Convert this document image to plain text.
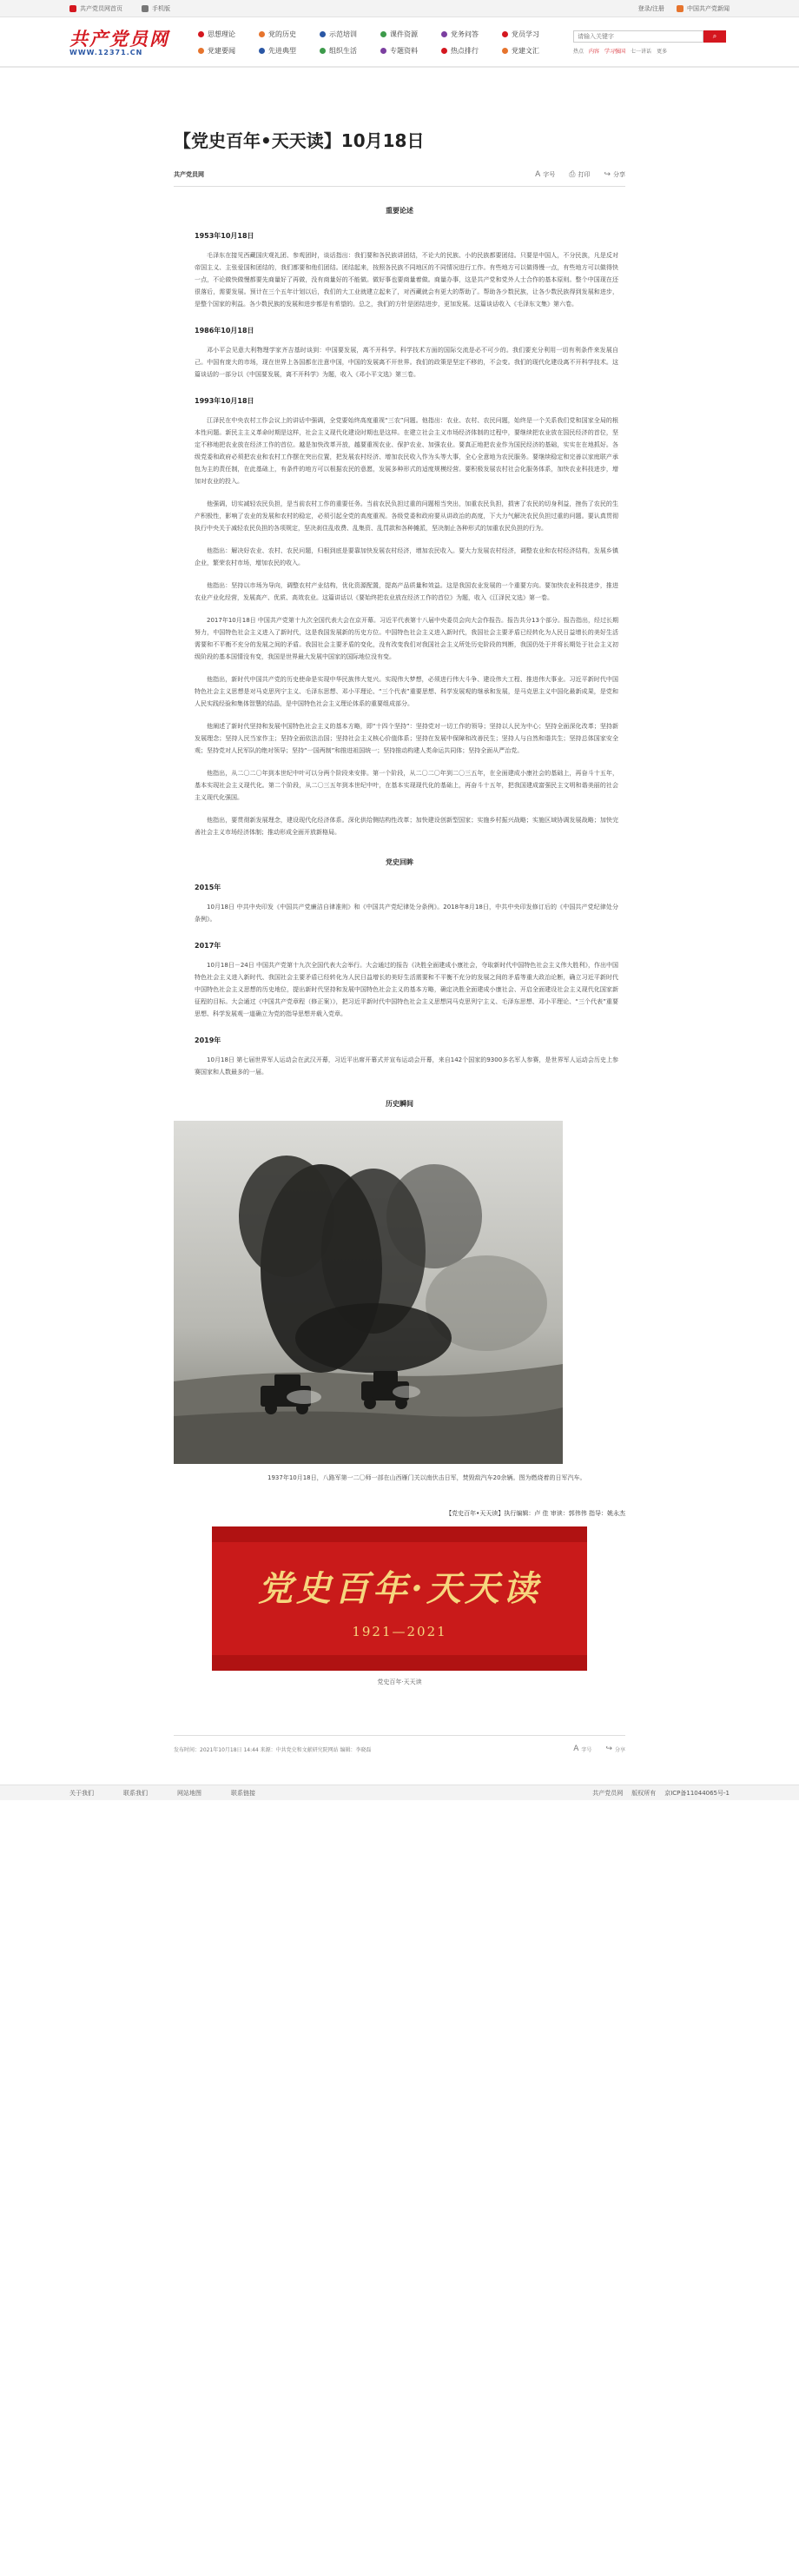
共产党员网首页	手机版	登录/注册	中国共产党新闻
共产党员网
WWW.12371.CN
思想理论	党的历史	示范培训	课件资源	党务问答	党员学习
党建要闻	先进典型	组织生活	专题资料	热点排行	党建文汇
请输入关键字
⌕
热点 内容 学习强国 七一讲话 更多
【党史百年•天天读】10月18日
共产党员网	A 字号 ⎙ 打印 ↪ 分享
重要论述
1953年10月18日

毛泽东在接见西藏国庆观礼团、参观团时，谈话指出：我们要和各民族讲团结，不论大的民族、小的民族都要团结。只要是中国人，不分民族，凡是反对帝国主义、主张爱国和团结的，我们都要和他们团结。团结起来，按照各民族不同地区的不同情况进行工作。有些地方可以做得慢一点，有些地方可以做得快一点，不论做快做慢都要先商量好了再做，没有商量好的不能做。做好事也要商量着做。商量办事，这是共产党和党外人士合作的基本原则。整个中国现在还很落后，需要发展。预计在三个五年计划以后，我们的大工业就建立起来了，对西藏就会有更大的帮助了。帮助各少数民族，让各少数民族得到发展和进步，是整个国家的利益。各少数民族的发展和进步都是有希望的。总之，我们的方针是团结进步，更加发展。这篇谈话收入《毛泽东文集》第六卷。

1986年10月18日

邓小平会见意大利物理学家齐吉基时谈到：中国要发展，离不开科学。科学技术方面的国际交流是必不可少的。我们要充分利用一切有利条件来发展自己。中国有庞大的市场，现在世界上各国都在注意中国，中国的发展离不开世界。我们的政策是坚定不移的，不会变。我们的现代化建设离不开科学技术。这篇谈话的一部分以《中国要发展，离不开科学》为题，收入《邓小平文选》第三卷。

1993年10月18日

江泽民在中央农村工作会议上的讲话中强调，全党要始终高度重视“三农”问题。他指出：农业、农村、农民问题，始终是一个关系我们党和国家全局的根本性问题。新民主主义革命时期是这样，社会主义现代化建设时期也是这样。在建立社会主义市场经济体制的过程中，要继续把农业放在国民经济的首位，坚定不移地把农业放在经济工作的首位。越是加快改革开放，越要重视农业、保护农业、加强农业。要真正地把农业作为国民经济的基础，实实在在地抓好。各级党委和政府必须把农业和农村工作摆在突出位置，把发展农村经济、增加农民收入作为头等大事，全心全意地为农民服务。要继续稳定和完善以家庭联产承包为主的责任制，在此基础上，有条件的地方可以根据农民的意愿，发展多种形式的适度规模经营。要积极发展农村社会化服务体系，加快农业科技进步，增加对农业的投入。

他强调，切实减轻农民负担，是当前农村工作的重要任务。当前农民负担过重的问题相当突出，加重农民负担，损害了农民的切身利益，挫伤了农民的生产积极性，影响了农业的发展和农村的稳定，必须引起全党的高度重视。各级党委和政府要从讲政治的高度，下大力气解决农民负担过重的问题。要认真贯彻执行中央关于减轻农民负担的各项规定，坚决刹住乱收费、乱集资、乱罚款和各种摊派，坚决制止各种形式的加重农民负担的行为。

他指出：解决好农业、农村、农民问题，归根到底是要靠加快发展农村经济，增加农民收入。要大力发展农村经济，调整农业和农村经济结构，发展乡镇企业，繁荣农村市场，增加农民的收入。

他指出：坚持以市场为导向，调整农村产业结构，优化资源配置，提高产品质量和效益。这是我国农业发展的一个重要方向。要加快农业科技进步，推进农业产业化经营，发展高产、优质、高效农业。这篇讲话以《要始终把农业放在经济工作的首位》为题，收入《江泽民文选》第一卷。

2017年10月18日 中国共产党第十九次全国代表大会在京开幕。习近平代表第十八届中央委员会向大会作报告。报告共分13个部分。报告指出，经过长期努力，中国特色社会主义进入了新时代，这是我国发展新的历史方位。中国特色社会主义进入新时代，我国社会主要矛盾已经转化为人民日益增长的美好生活需要和不平衡不充分的发展之间的矛盾。我国社会主要矛盾的变化，没有改变我们对我国社会主义所处历史阶段的判断，我国仍处于并将长期处于社会主义初级阶段的基本国情没有变，我国是世界最大发展中国家的国际地位没有变。

他指出，新时代中国共产党的历史使命是实现中华民族伟大复兴。实现伟大梦想，必须进行伟大斗争、建设伟大工程、推进伟大事业。习近平新时代中国特色社会主义思想是对马克思列宁主义、毛泽东思想、邓小平理论、“三个代表”重要思想、科学发展观的继承和发展，是马克思主义中国化最新成果，是党和人民实践经验和集体智慧的结晶，是中国特色社会主义理论体系的重要组成部分。

他阐述了新时代坚持和发展中国特色社会主义的基本方略，即“十四个坚持”：坚持党对一切工作的领导；坚持以人民为中心；坚持全面深化改革；坚持新发展理念；坚持人民当家作主；坚持全面依法治国；坚持社会主义核心价值体系；坚持在发展中保障和改善民生；坚持人与自然和谐共生；坚持总体国家安全观；坚持党对人民军队的绝对领导；坚持“一国两制”和推进祖国统一；坚持推动构建人类命运共同体；坚持全面从严治党。

他指出，从二〇二〇年到本世纪中叶可以分两个阶段来安排。第一个阶段，从二〇二〇年到二〇三五年，在全面建成小康社会的基础上，再奋斗十五年，基本实现社会主义现代化。第二个阶段，从二〇三五年到本世纪中叶，在基本实现现代化的基础上，再奋斗十五年，把我国建成富强民主文明和谐美丽的社会主义现代化强国。

他指出，要贯彻新发展理念，建设现代化经济体系。深化供给侧结构性改革；加快建设创新型国家；实施乡村振兴战略；实施区域协调发展战略；加快完善社会主义市场经济体制；推动形成全面开放新格局。

党史回眸
2015年

10月18日 中共中央印发《中国共产党廉洁自律准则》和《中国共产党纪律处分条例》。2018年8月18日，中共中央印发修订后的《中国共产党纪律处分条例》。

2017年

10月18日－24日 中国共产党第十九次全国代表大会举行。大会通过的报告《决胜全面建成小康社会，夺取新时代中国特色社会主义伟大胜利》，作出中国特色社会主义进入新时代、我国社会主要矛盾已经转化为人民日益增长的美好生活需要和不平衡不充分的发展之间的矛盾等重大政治论断，确立习近平新时代中国特色社会主义思想的历史地位，提出新时代坚持和发展中国特色社会主义的基本方略，确定决胜全面建成小康社会、开启全面建设社会主义现代化国家新征程的目标。大会通过《中国共产党章程（修正案）》，把习近平新时代中国特色社会主义思想同马克思列宁主义、毛泽东思想、邓小平理论、“三个代表”重要思想、科学发展观一道确立为党的指导思想并载入党章。

2019年

10月18日 第七届世界军人运动会在武汉开幕，习近平出席开幕式并宣布运动会开幕，来自142个国家的9300多名军人参赛，是世界军人运动会历史上参赛国家和人数最多的一届。

历史瞬间
1937年10月18日，八路军第一二〇师一部在山西雁门关以南伏击日军，焚毁敌汽车20余辆。图为燃烧着的日军汽车。
【党史百年•天天读】执行编辑：卢 佳 审读：郭伟伟 指导：姚永杰
党史百年·天天读
1921—2021
党史百年·天天读
发布时间：2021年10月18日 14:44 来源：中共党史和文献研究院网站 编辑：李晓磊	A 字号 ↪ 分享
关于我们	联系我们	网站地图	联系链接	共产党员网 版权所有 京ICP备11044065号-1
